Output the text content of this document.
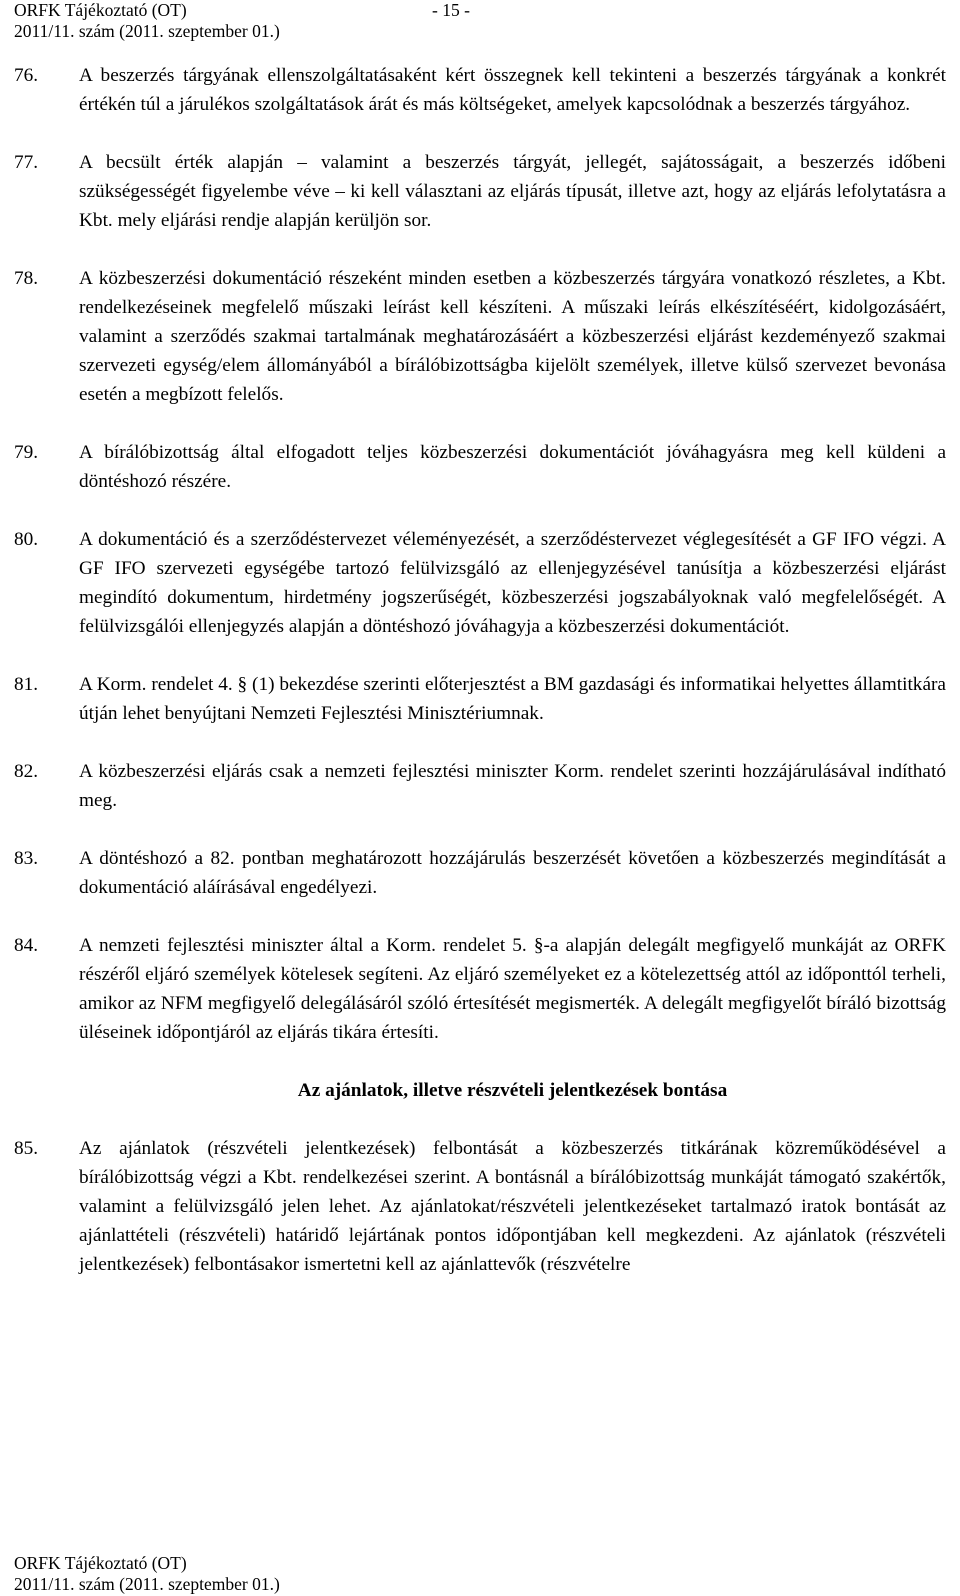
ORFK Tájékoztató (OT)	- 15 -
2011/11. szám (2011. szeptember 01.)
76.	A beszerzés tárgyának ellenszolgáltatásaként kért összegnek kell tekinteni a beszerzés tárgyának a konkrét értékén túl a járulékos szolgáltatások árát és más költségeket, amelyek kapcsolódnak a beszerzés tárgyához.
77.	A becsült érték alapján – valamint a beszerzés tárgyát, jellegét, sajátosságait, a beszerzés időbeni szükségességét figyelembe véve – ki kell választani az eljárás típusát, illetve azt, hogy az eljárás lefolytatásra a Kbt. mely eljárási rendje alapján kerüljön sor.
78.	A közbeszerzési dokumentáció részeként minden esetben a közbeszerzés tárgyára vonatkozó részletes, a Kbt. rendelkezéseinek megfelelő műszaki leírást kell készíteni. A műszaki leírás elkészítéséért, kidolgozásáért, valamint a szerződés szakmai tartalmának meghatározásáért a közbeszerzési eljárást kezdeményező szakmai szervezeti egység/elem állományából a bírálóbizottságba kijelölt személyek, illetve külső szervezet bevonása esetén a megbízott felelős.
79.	A bírálóbizottság által elfogadott teljes közbeszerzési dokumentációt jóváhagyásra meg kell küldeni a döntéshozó részére.
80.	A dokumentáció és a szerződéstervezet véleményezését, a szerződéstervezet véglegesítését a GF IFO végzi. A GF IFO szervezeti egységébe tartozó felülvizsgáló az ellenjegyzésével tanúsítja a közbeszerzési eljárást megindító dokumentum, hirdetmény jogszerűségét, közbeszerzési jogszabályoknak való megfelelőségét. A felülvizsgálói ellenjegyzés alapján a döntéshozó jóváhagyja a közbeszerzési dokumentációt.
81.	A Korm. rendelet 4. § (1) bekezdése szerinti előterjesztést a BM gazdasági és informatikai helyettes államtitkára útján lehet benyújtani Nemzeti Fejlesztési Minisztériumnak.
82.	A közbeszerzési eljárás csak a nemzeti fejlesztési miniszter Korm. rendelet szerinti hozzájárulásával indítható meg.
83.	A döntéshozó a 82. pontban meghatározott hozzájárulás beszerzését követően a közbeszerzés megindítását a dokumentáció aláírásával engedélyezi.
84.	A nemzeti fejlesztési miniszter által a Korm. rendelet 5. §-a alapján delegált megfigyelő munkáját az ORFK részéről eljáró személyek kötelesek segíteni. Az eljáró személyeket ez a kötelezettség attól az időponttól terheli, amikor az NFM megfigyelő delegálásáról szóló értesítését megismerték. A delegált megfigyelőt bíráló bizottság üléseinek időpontjáról az eljárás tikára értesíti.
Az ajánlatok, illetve részvételi jelentkezések bontása
85.	Az ajánlatok (részvételi jelentkezések) felbontását a közbeszerzés titkárának közreműködésével a bírálóbizottság végzi a Kbt. rendelkezései szerint. A bontásnál a bírálóbizottság munkáját támogató szakértők, valamint a felülvizsgáló jelen lehet. Az ajánlatokat/részvételi jelentkezéseket tartalmazó iratok bontását az ajánlattételi (részvételi) határidő lejártának pontos időpontjában kell megkezdeni. Az ajánlatok (részvételi jelentkezések) felbontásakor ismertetni kell az ajánlattevők (részvételre
ORFK Tájékoztató (OT)
2011/11. szám (2011. szeptember 01.)
